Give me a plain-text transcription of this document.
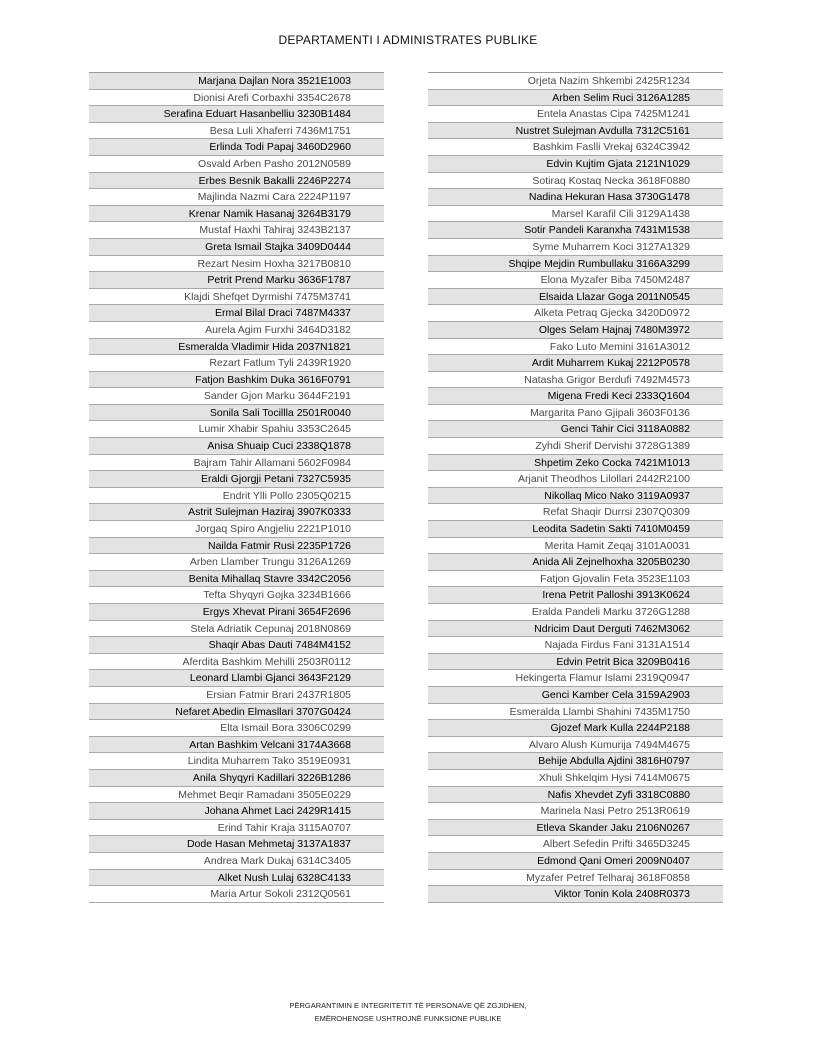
DEPARTAMENTI I ADMINISTRATES PUBLIKE
Marjana Dajlan Nora 3521E1003
Dionisi Arefi Corbaxhi 3354C2678
Serafina Eduart Hasanbelliu 3230B1484
Besa Luli Xhaferri 7436M1751
Erlinda Todi Papaj 3460D2960
Osvald Arben Pasho 2012N0589
Erbes Besnik Bakalli 2246P2274
Majlinda Nazmi Cara 2224P1197
Krenar Namik Hasanaj 3264B3179
Mustaf Haxhi Tahiraj 3243B2137
Greta Ismail Stajka 3409D0444
Rezart Nesim Hoxha 3217B0810
Petrit Prend Marku 3636F1787
Klajdi Shefqet Dyrmishi 7475M3741
Ermal Bilal Draci 7487M4337
Aurela Agim Furxhi 3464D3182
Esmeralda Vladimir Hida 2037N1821
Rezart Fatlum Tyli 2439R1920
Fatjon Bashkim Duka 3616F0791
Sander Gjon Marku 3644F2191
Sonila Sali Tocillla 2501R0040
Lumir Xhabir Spahiu 3353C2645
Anisa Shuaip Cuci 2338Q1878
Bajram Tahir Allamani 5602F0984
Eraldi Gjorgji Petani 7327C5935
Endrit Ylli Pollo 2305Q0215
Astrit Sulejman Haziraj 3907K0333
Jorgaq Spiro Angjeliu 2221P1010
Nailda Fatmir Rusi 2235P1726
Arben Llamber Trungu 3126A1269
Benita Mihallaq Stavre 3342C2056
Tefta Shyqyri Gojka 3234B1666
Ergys Xhevat Pirani 3654F2696
Stela Adriatik Cepunaj 2018N0869
Shaqir Abas Dauti 7484M4152
Aferdita Bashkim Mehilli 2503R0112
Leonard Llambi Gjanci 3643F2129
Ersian Fatmir Brari 2437R1805
Nefaret Abedin Elmasllari 3707G0424
Elta Ismail Bora 3306C0299
Artan Bashkim Velcani 3174A3668
Lindita Muharrem Tako 3519E0931
Anila Shyqyri Kadillari 3226B1286
Mehmet Beqir Ramadani 3505E0229
Johana Ahmet Laci 2429R1415
Erind Tahir Kraja 3115A0707
Dode Hasan Mehmetaj 3137A1837
Andrea Mark Dukaj 6314C3405
Alket Nush Lulaj 6328C4133
Maria Artur Sokoli 2312Q0561
Orjeta Nazim Shkembi 2425R1234
Arben Selim Ruci 3126A1285
Entela Anastas Cipa 7425M1241
Nustret Sulejman Avdulla 7312C5161
Bashkim Faslli Vrekaj 6324C3942
Edvin Kujtim Gjata 2121N1029
Sotiraq Kostaq Necka 3618F0880
Nadina Hekuran Hasa 3730G1478
Marsel Karafil Cili 3129A1438
Sotir Pandeli Karanxha 7431M1538
Syme Muharrem Koci 3127A1329
Shqipe Mejdin Rumbullaku 3166A3299
Elona Myzafer Biba 7450M2487
Elsaida Llazar Goga 2011N0545
Alketa Petraq Gjecka 3420D0972
Olges Selam Hajnaj 7480M3972
Fako Luto Memini 3161A3012
Ardit Muharrem Kukaj 2212P0578
Natasha Grigor Berdufi 7492M4573
Migena Fredi Keci 2333Q1604
Margarita Pano Gjipali 3603F0136
Genci Tahir Cici 3118A0882
Zyhdi Sherif Dervishi 3728G1389
Shpetim Zeko Cocka 7421M1013
Arjanit Theodhos Lilollari 2442R2100
Nikollaq Mico Nako 3119A0937
Refat Shaqir Durrsi 2307Q0309
Leodita Sadetin Sakti 7410M0459
Merita Hamit Zeqaj 3101A0031
Anida Ali Zejnelhoxha 3205B0230
Fatjon Gjovalin Feta 3523E1103
Irena Petrit Palloshi 3913K0624
Eralda Pandeli Marku 3726G1288
Ndricim Daut Derguti 7462M3062
Najada Firdus Fani 3131A1514
Edvin Petrit Bica 3209B0416
Hekingerta Flamur Islami 2319Q0947
Genci Kamber Cela 3159A2903
Esmeralda Llambi Shahini 7435M1750
Gjozef Mark Kulla 2244P2188
Alvaro Alush Kumurija 7494M4675
Behije Abdulla Ajdini 3816H0797
Xhuli Shkelqim Hysi 7414M0675
Nafis Xhevdet Zyfi 3318C0880
Marinela Nasi Petro 2513R0619
Etleva Skander Jaku 2106N0267
Albert Sefedin Prifti 3465D3245
Edmond Qani Omeri 2009N0407
Myzafer Petref Telharaj 3618F0858
Viktor Tonin Kola 2408R0373
PËRGARANTIMIN E INTEGRITETIT TË PERSONAVE QË ZGJIDHEN,
EMËROHENOSE USHTROJNË FUNKSIONE PUBLIKE
